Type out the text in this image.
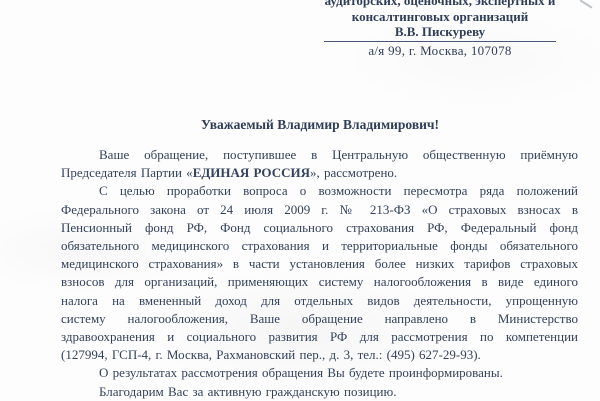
аудиторских, оценочных, экспертных и
консалтинговых организаций
В.В. Пискуреву
а/я 99, г. Москва, 107078
Уважаемый Владимир Владимирович!
Ваше обращение, поступившее в Центральную общественную приёмную
Председателя Партии «ЕДИНАЯ РОССИЯ», рассмотрено.
С целью проработки вопроса о возможности пересмотра ряда положений
Федерального закона от 24 июля 2009 г. № 213-ФЗ «О страховых взносах в
Пенсионный фонд РФ, Фонд социального страхования РФ, Федеральный фонд
обязательного медицинского страхования и территориальные фонды обязательного
медицинского страхования» в части установления более низких тарифов страховых
взносов для организаций, применяющих систему налогообложения в виде единого
налога на вмененный доход для отдельных видов деятельности, упрощенную
систему налогообложения, Ваше обращение направлено в Министерство
здравоохранения и социального развития РФ для рассмотрения по компетенции
(127994, ГСП-4, г. Москва, Рахмановский пер., д. 3, тел.: (495) 627-29-93).
О результатах рассмотрения обращения Вы будете проинформированы.
Благодарим Вас за активную гражданскую позицию.
